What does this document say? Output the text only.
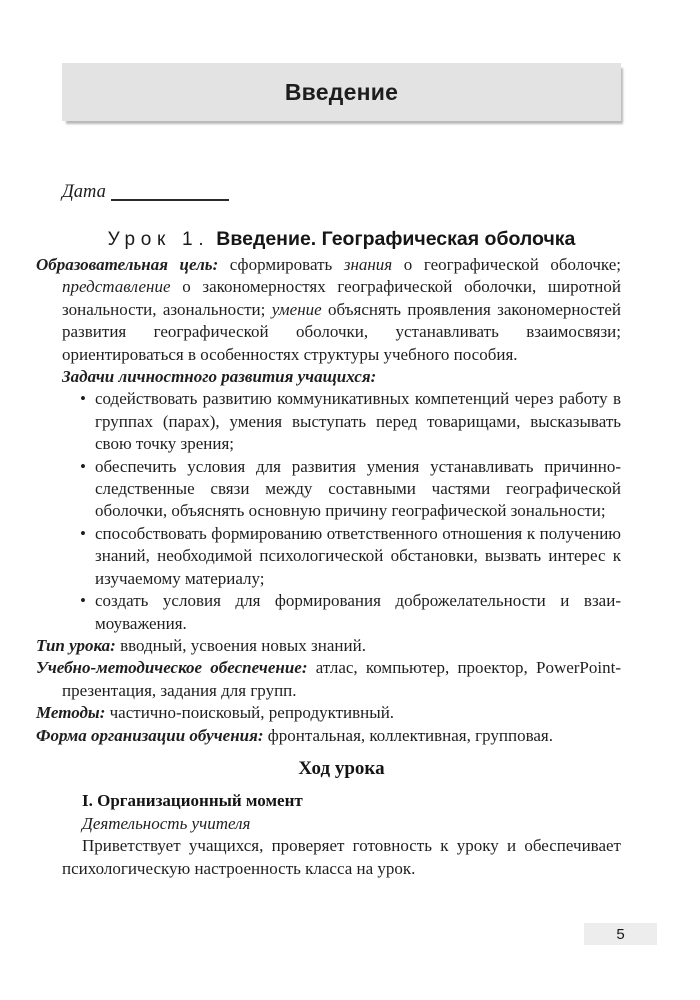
Введение
Дата
Урок 1. Введение. Географическая оболочка

Образовательная цель: сформировать знания о географической оболочке; представление о закономерностях географической оболочки, широтной зональности, азональности; умение объяснять проявления закономерностей развития географической оболочки, устанавливать взаимосвязи; ориентироваться в особенностях структуры учебного пособия.

Задачи личностного развития учащихся:

• содействовать развитию коммуникативных компетенций через работу в группах (парах), умения выступать перед товарищами, высказывать свою точку зрения;
• обеспечить условия для развития умения устанавливать причинно-следственные связи между составными частями географической оболочки, объяснять основную причину географической зональности;
• способствовать формированию ответственного отношения к получению знаний, необходимой психологической обстановки, вызвать интерес к изучаемому материалу;
• создать условия для формирования доброжелательности и взаимоуважения.

Тип урока: вводный, усвоения новых знаний.

Учебно-методическое обеспечение: атлас, компьютер, проектор, PowerPoint-презентация, задания для групп.

Методы: частично-поисковый, репродуктивный.

Форма организации обучения: фронтальная, коллективная, групповая.

Ход урока

I. Организационный момент

Деятельность учителя

Приветствует учащихся, проверяет готовность к уроку и обеспечивает психологическую настроенность класса на урок.

5
